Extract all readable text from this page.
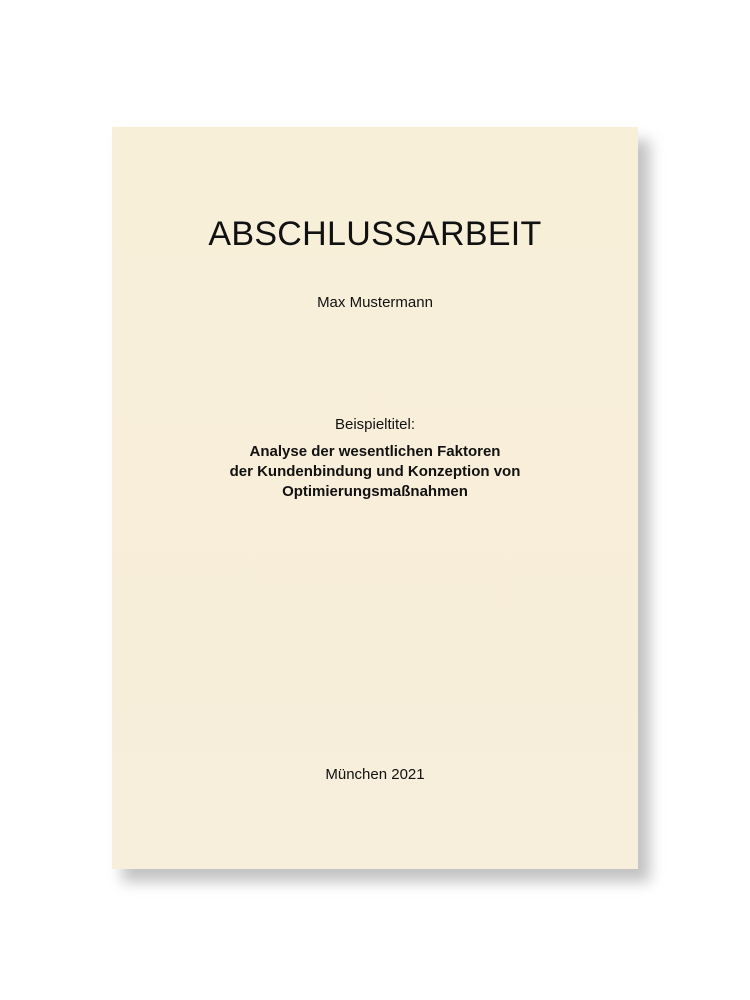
ABSCHLUSSARBEIT

Max Mustermann

Beispieltitel:

Analyse der wesentlichen Faktoren
der Kundenbindung und Konzeption von
Optimierungsmaßnahmen

München 2021
